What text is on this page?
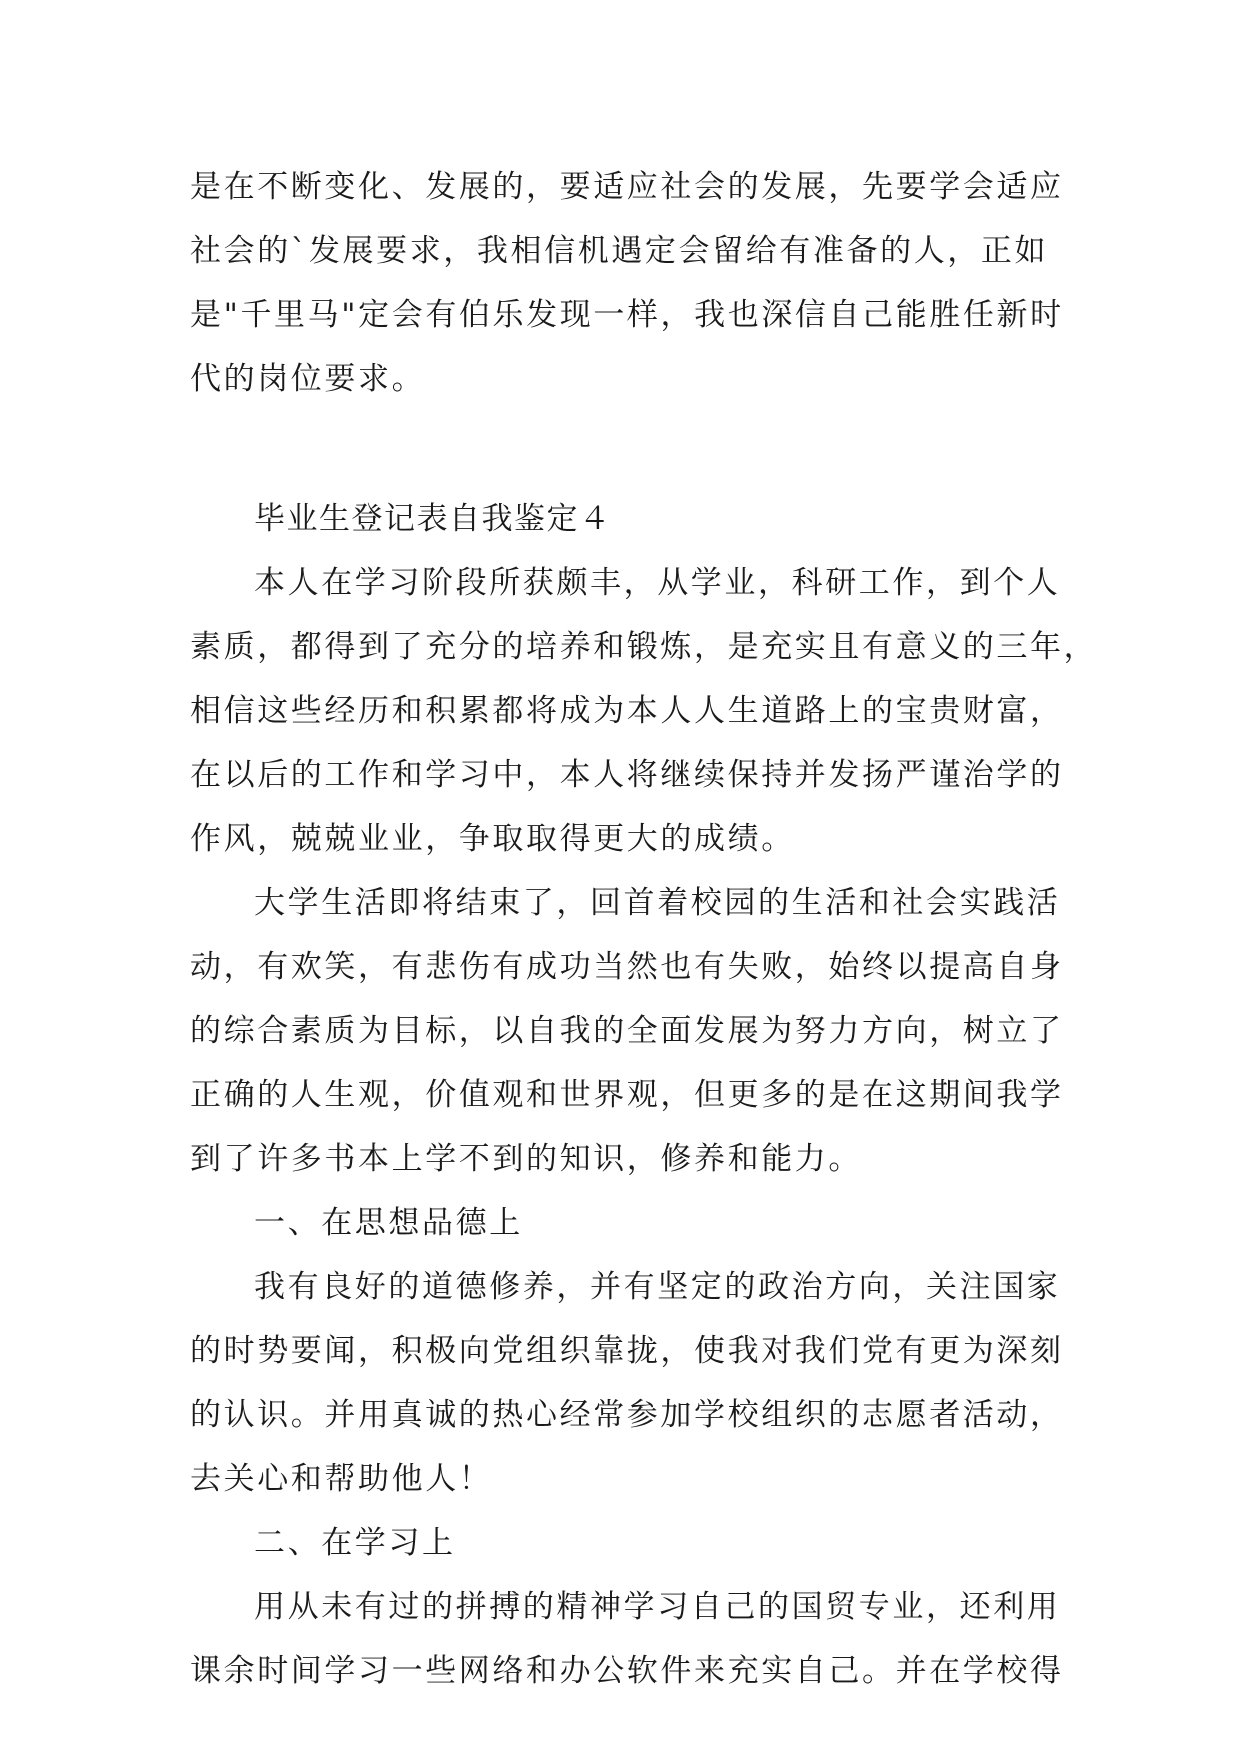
是在不断变化、发展的，要适应社会的发展，先要学会适应
社会的`发展要求，我相信机遇定会留给有准备的人，正如
是"千里马"定会有伯乐发现一样，我也深信自己能胜任新时
代的岗位要求。
毕业生登记表自我鉴定４
本人在学习阶段所获颇丰，从学业，科研工作，到个人
素质，都得到了充分的培养和锻炼，是充实且有意义的三年，
相信这些经历和积累都将成为本人人生道路上的宝贵财富，
在以后的工作和学习中，本人将继续保持并发扬严谨治学的
作风，兢兢业业，争取取得更大的成绩。
大学生活即将结束了，回首着校园的生活和社会实践活
动，有欢笑，有悲伤有成功当然也有失败，始终以提高自身
的综合素质为目标，以自我的全面发展为努力方向，树立了
正确的人生观，价值观和世界观，但更多的是在这期间我学
到了许多书本上学不到的知识，修养和能力。
一、在思想品德上
我有良好的道德修养，并有坚定的政治方向，关注国家
的时势要闻，积极向党组织靠拢，使我对我们党有更为深刻
的认识。并用真诚的热心经常参加学校组织的志愿者活动，
去关心和帮助他人！
二、在学习上
用从未有过的拼搏的精神学习自己的国贸专业，还利用
课余时间学习一些网络和办公软件来充实自己。并在学校得
